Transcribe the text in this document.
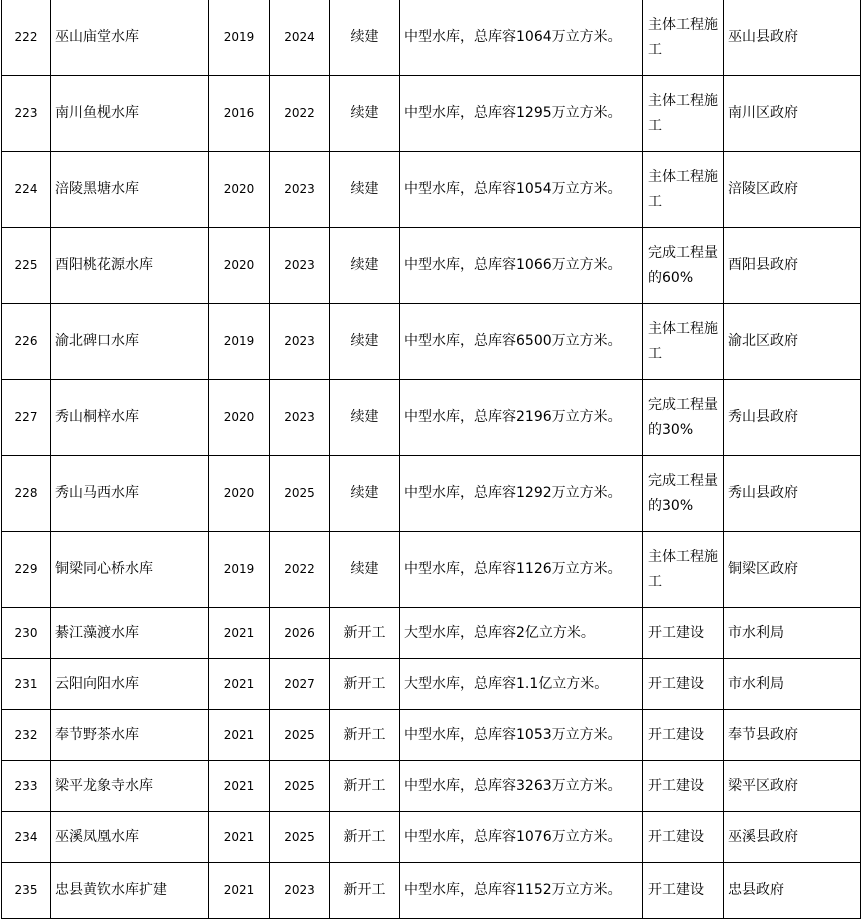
222	巫山庙堂水库	2019	2024	续建	中型水库，总库容1064万立方米。	主体工程施工	巫山县政府
223	南川鱼枧水库	2016	2022	续建	中型水库，总库容1295万立方米。	主体工程施工	南川区政府
224	涪陵黑塘水库	2020	2023	续建	中型水库，总库容1054万立方米。	主体工程施工	涪陵区政府
225	酉阳桃花源水库	2020	2023	续建	中型水库，总库容1066万立方米。	完成工程量的60%	酉阳县政府
226	渝北碑口水库	2019	2023	续建	中型水库，总库容6500万立方米。	主体工程施工	渝北区政府
227	秀山桐梓水库	2020	2023	续建	中型水库，总库容2196万立方米。	完成工程量的30%	秀山县政府
228	秀山马西水库	2020	2025	续建	中型水库，总库容1292万立方米。	完成工程量的30%	秀山县政府
229	铜梁同心桥水库	2019	2022	续建	中型水库，总库容1126万立方米。	主体工程施工	铜梁区政府
230	綦江藻渡水库	2021	2026	新开工	大型水库，总库容2亿立方米。	开工建设	市水利局
231	云阳向阳水库	2021	2027	新开工	大型水库，总库容1.1亿立方米。	开工建设	市水利局
232	奉节野茶水库	2021	2025	新开工	中型水库，总库容1053万立方米。	开工建设	奉节县政府
233	梁平龙象寺水库	2021	2025	新开工	中型水库，总库容3263万立方米。	开工建设	梁平区政府
234	巫溪凤凰水库	2021	2025	新开工	中型水库，总库容1076万立方米。	开工建设	巫溪县政府
235	忠县黄钦水库扩建	2021	2023	新开工	中型水库，总库容1152万立方米。	开工建设	忠县政府
